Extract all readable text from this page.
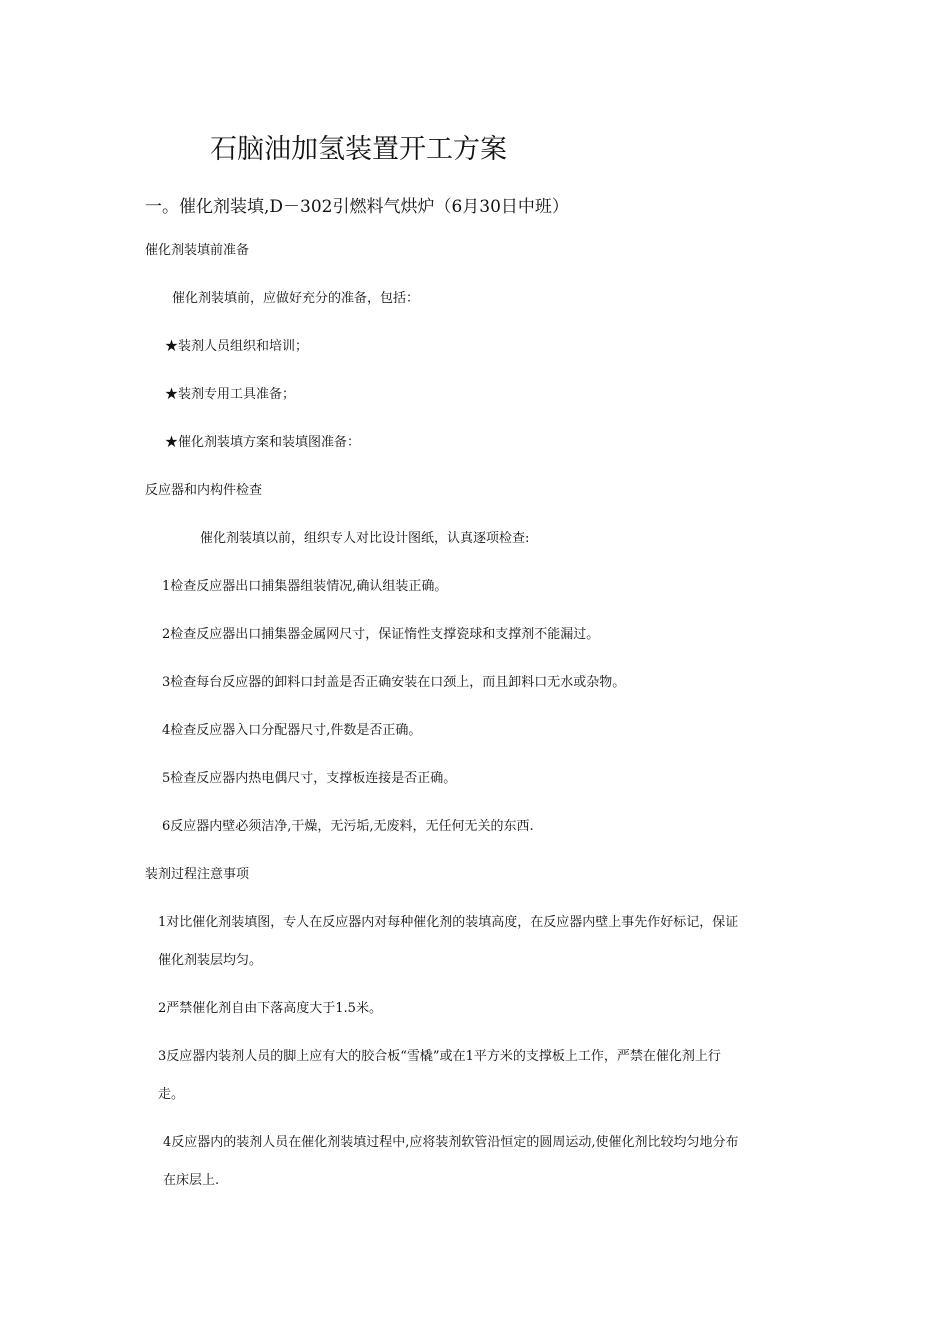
石脑油加氢装置开工方案
一。催化剂装填,D－302引燃料气烘炉（6月30日中班）
催化剂装填前准备
催化剂装填前，应做好充分的准备，包括：
★装剂人员组织和培训；
★装剂专用工具准备；
★催化剂装填方案和装填图准备：
反应器和内构件检查
催化剂装填以前，组织专人对比设计图纸，认真逐项检查:
1检查反应器出口捕集器组装情况,确认组装正确。
2检查反应器出口捕集器金属网尺寸，保证惰性支撑瓷球和支撑剂不能漏过。
3检查每台反应器的卸料口封盖是否正确安装在口颈上，而且卸料口无水或杂物。
4检查反应器入口分配器尺寸,件数是否正确。
5检查反应器内热电偶尺寸，支撑板连接是否正确。
6反应器内壁必须洁净,干燥，无污垢,无废料，无任何无关的东西.
装剂过程注意事项
1对比催化剂装填图，专人在反应器内对每种催化剂的装填高度，在反应器内壁上事先作好标记，保证
催化剂装层均匀。
2严禁催化剂自由下落高度大于1.5米。
3反应器内装剂人员的脚上应有大的胶合板“雪橇”或在1平方米的支撑板上工作，严禁在催化剂上行
走。
4反应器内的装剂人员在催化剂装填过程中,应将装剂软管沿恒定的圆周运动,使催化剂比较均匀地分布
在床层上.
